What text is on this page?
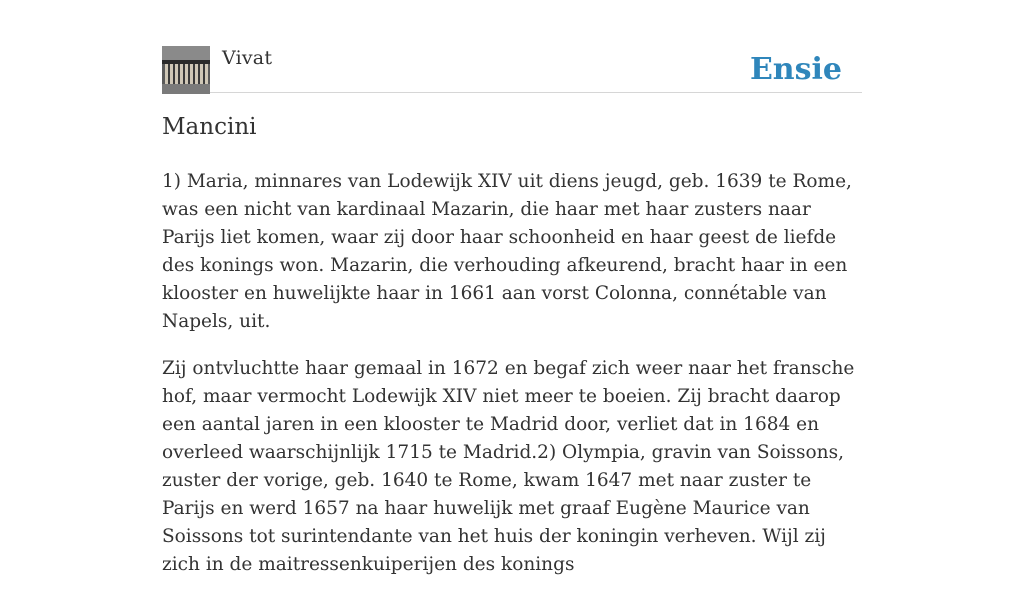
Vivat	Ensie
Mancini

1) Maria, minnares van Lodewijk XIV uit diens jeugd, geb. 1639 te Rome, was een nicht van kardinaal Mazarin, die haar met haar zusters naar Parijs liet komen, waar zij door haar schoonheid en haar geest de liefde des konings won. Mazarin, die verhouding afkeurend, bracht haar in een klooster en huwelijkte haar in 1661 aan vorst Colonna, connétable van Napels, uit.

Zij ontvluchtte haar gemaal in 1672 en begaf zich weer naar het fransche hof, maar vermocht Lodewijk XIV niet meer te boeien. Zij bracht daarop een aantal jaren in een klooster te Madrid door, verliet dat in 1684 en overleed waarschijnlijk 1715 te Madrid.2) Olympia, gravin van Soissons, zuster der vorige, geb. 1640 te Rome, kwam 1647 met naar zuster te Parijs en werd 1657 na haar huwelijk met graaf Eugène Maurice van Soissons tot surintendante van het huis der koningin verheven. Wijl zij zich in de maitressenkuiperijen des konings
